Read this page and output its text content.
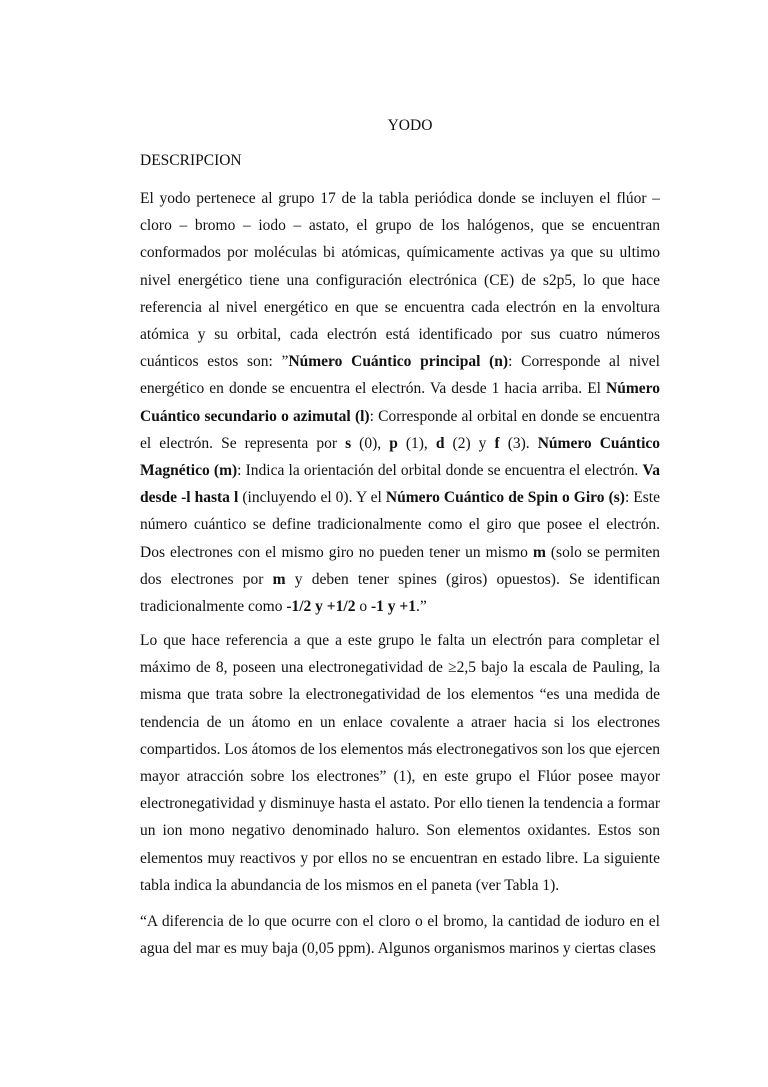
YODO
DESCRIPCION

El yodo pertenece al grupo 17 de la tabla periódica donde se incluyen el flúor – cloro – bromo – iodo – astato, el grupo de los halógenos, que se encuentran conformados por moléculas bi atómicas, químicamente activas ya que su ultimo nivel energético tiene una configuración electrónica (CE) de s2p5, lo que hace referencia al nivel energético en que se encuentra cada electrón en la envoltura atómica y su orbital, cada electrón está identificado por sus cuatro números cuánticos estos son: ”Número Cuántico principal (n): Corresponde al nivel energético en donde se encuentra el electrón. Va desde 1 hacia arriba. El Número Cuántico secundario o azimutal (l): Corresponde al orbital en donde se encuentra el electrón. Se representa por s (0), p (1), d (2) y f (3). Número Cuántico Magnético (m): Indica la orientación del orbital donde se encuentra el electrón. Va desde -l hasta l (incluyendo el 0). Y el Número Cuántico de Spin o Giro (s): Este número cuántico se define tradicionalmente como el giro que posee el electrón. Dos electrones con el mismo giro no pueden tener un mismo m (solo se permiten dos electrones por m y deben tener spines (giros) opuestos). Se identifican tradicionalmente como -1/2 y +1/2 o -1 y +1.”

Lo que hace referencia a que a este grupo le falta un electrón para completar el máximo de 8, poseen una electronegatividad de ≥2,5 bajo la escala de Pauling, la misma que trata sobre la electronegatividad de los elementos “es una medida de tendencia de un átomo en un enlace covalente a atraer hacia si los electrones compartidos. Los átomos de los elementos más electronegativos son los que ejercen mayor atracción sobre los electrones” (1), en este grupo el Flúor posee mayor electronegatividad y disminuye hasta el astato. Por ello tienen la tendencia a formar un ion mono negativo denominado haluro. Son elementos oxidantes. Estos son elementos muy reactivos y por ellos no se encuentran en estado libre. La siguiente tabla indica la abundancia de los mismos en el paneta (ver Tabla 1).

“A diferencia de lo que ocurre con el cloro o el bromo, la cantidad de ioduro en el agua del mar es muy baja (0,05 ppm). Algunos organismos marinos y ciertas clases
